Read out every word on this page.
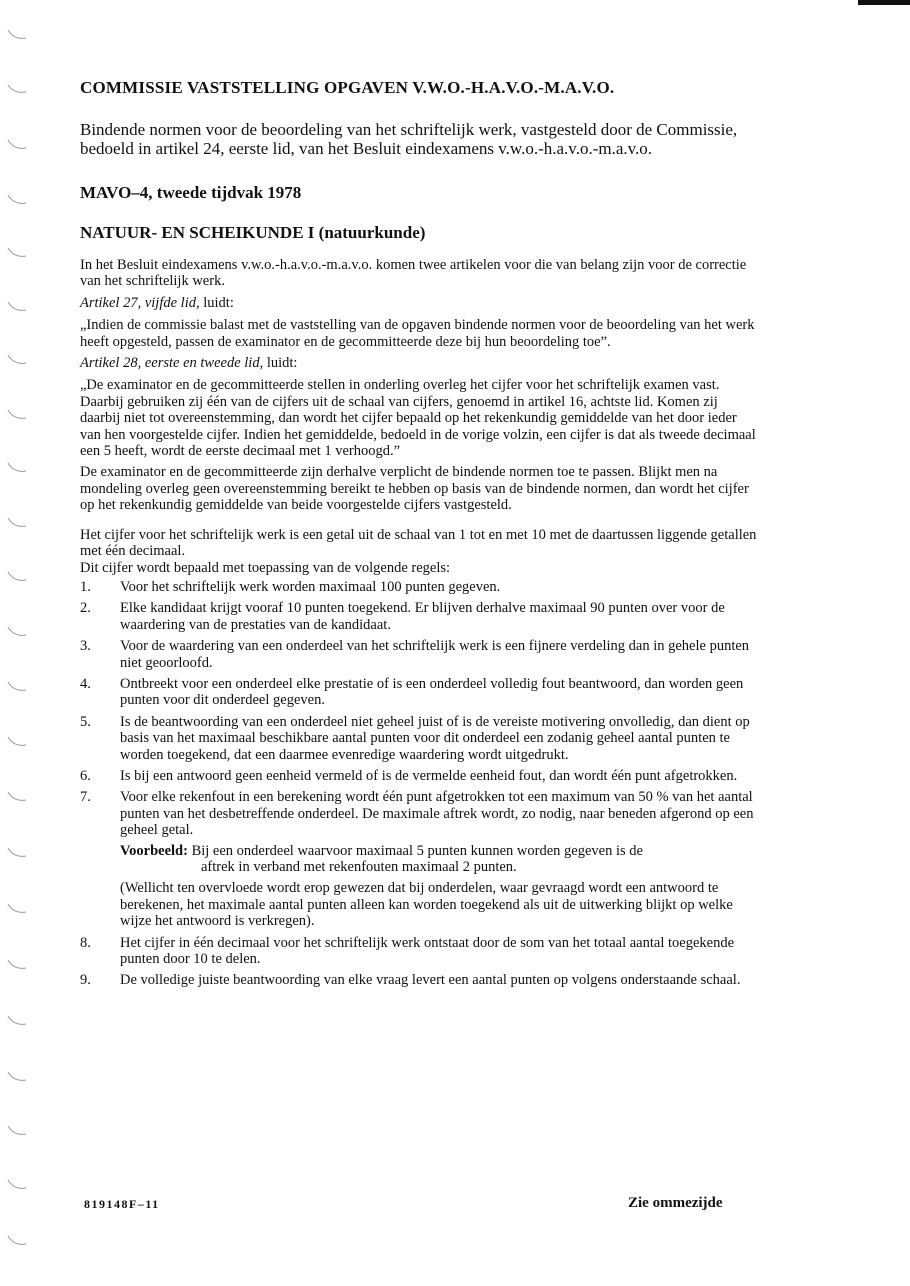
COMMISSIE VASTSTELLING OPGAVEN V.W.O.-H.A.V.O.-M.A.V.O.

Bindende normen voor de beoordeling van het schriftelijk werk, vastgesteld door de Commissie, bedoeld in artikel 24, eerste lid, van het Besluit eindexamens v.w.o.-h.a.v.o.-m.a.v.o.

MAVO–4, tweede tijdvak 1978
NATUUR- EN SCHEIKUNDE I (natuurkunde)

In het Besluit eindexamens v.w.o.-h.a.v.o.-m.a.v.o. komen twee artikelen voor die van belang zijn voor de correctie van het schriftelijk werk.

Artikel 27, vijfde lid, luidt:

„Indien de commissie balast met de vaststelling van de opgaven bindende normen voor de beoordeling van het werk heeft opgesteld, passen de examinator en de gecommitteerde deze bij hun beoordeling toe”.

Artikel 28, eerste en tweede lid, luidt:

„De examinator en de gecommitteerde stellen in onderling overleg het cijfer voor het schriftelijk examen vast. Daarbij gebruiken zij één van de cijfers uit de schaal van cijfers, genoemd in artikel 16, achtste lid. Komen zij daarbij niet tot overeenstemming, dan wordt het cijfer bepaald op het rekenkundig gemiddelde van het door ieder van hen voorgestelde cijfer. Indien het gemiddelde, bedoeld in de vorige volzin, een cijfer is dat als tweede decimaal een 5 heeft, wordt de eerste decimaal met 1 verhoogd.”

De examinator en de gecommitteerde zijn derhalve verplicht de bindende normen toe te passen. Blijkt men na mondeling overleg geen overeenstemming bereikt te hebben op basis van de bindende normen, dan wordt het cijfer op het rekenkundig gemiddelde van beide voorgestelde cijfers vastgesteld.

Het cijfer voor het schriftelijk werk is een getal uit de schaal van 1 tot en met 10 met de daartussen liggende getallen met één decimaal.

Dit cijfer wordt bepaald met toepassing van de volgende regels:

1. Voor het schriftelijk werk worden maximaal 100 punten gegeven.
2. Elke kandidaat krijgt vooraf 10 punten toegekend. Er blijven derhalve maximaal 90 punten over voor de waardering van de prestaties van de kandidaat.
3. Voor de waardering van een onderdeel van het schriftelijk werk is een fijnere verdeling dan in gehele punten niet geoorloofd.
4. Ontbreekt voor een onderdeel elke prestatie of is een onderdeel volledig fout beantwoord, dan worden geen punten voor dit onderdeel gegeven.
5. Is de beantwoording van een onderdeel niet geheel juist of is de vereiste motivering onvolledig, dan dient op basis van het maximaal beschikbare aantal punten voor dit onderdeel een zodanig geheel aantal punten te worden toegekend, dat een daarmee evenredige waardering wordt uitgedrukt.
6. Is bij een antwoord geen eenheid vermeld of is de vermelde eenheid fout, dan wordt één punt afgetrokken.
7. Voor elke rekenfout in een berekening wordt één punt afgetrokken tot een maximum van 50 % van het aantal punten van het desbetreffende onderdeel. De maximale aftrek wordt, zo nodig, naar beneden afgerond op een geheel getal.
Voorbeeld: Bij een onderdeel waarvoor maximaal 5 punten kunnen worden gegeven is de
aftrek in verband met rekenfouten maximaal 2 punten.
(Wellicht ten overvloede wordt erop gewezen dat bij onderdelen, waar gevraagd wordt een antwoord te berekenen, het maximale aantal punten alleen kan worden toegekend als uit de uitwerking blijkt op welke wijze het antwoord is verkregen).
8. Het cijfer in één decimaal voor het schriftelijk werk ontstaat door de som van het totaal aantal toegekende punten door 10 te delen.
9. De volledige juiste beantwoording van elke vraag levert een aantal punten op volgens onderstaande schaal.
819148F–11	Zie ommezijde
